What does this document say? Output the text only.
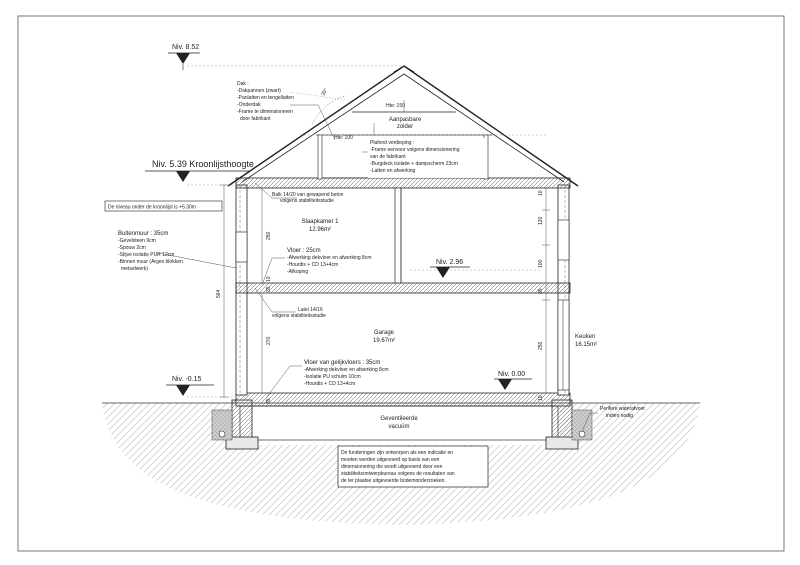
Niv. 8.52
Niv. 5.39 Kroonlijsthoogte
Niv. -0.15
Niv. 0.00
Niv. 2.96
De niveau onder de kroonlijst is +5.30m
Dak :
-Dakpannen (zwart)
-Panlatten en tengellatten
-Onderdak
-Frame te dimensioneren
door fabrikant
Plafond verdieping :
-Frame eenvoor volgens dimensionering
van de fabrikant
-Burgdeck isolatie + dampscherm 23cm
-Latten en afwerking
Buitenmuur : 35cm
-Gevelsteen 9cm
-Spouw 2cm
-Stijve isolatie PUR 12cm
-Binnen muur (Argex blokken
metselwerk)
Vloer : 25cm
-Afwerking dekvloer en afwerking 8cm
-Hourdis + CD 13+4cm
-Afkoping
Vloer van gelijkvloers : 35cm
-Afwerking dekvloer en afwerking 8cm
-Isolatie PU schuim 10cm
-Hourdis + CD 13+4cm
Balk 14/20 van gewapend beton
volgens stabiliteitsstudie
Latei 14/16
volgens stabiliteitsstudie
Perifere waterafvoer
indien nodig
Geventileerde
vacuüm
De funderingen zijn ontworpen als een indicatie en
moeten worden uitgevoerd op basis van een
dimensionering die wordt uitgevoerd door een
stabiliteitsontwerpbureau volgens de resultaten van
de ter plaatse uitgevoerde bodemonderzoeken.
Aanpasbare
zolder
Slaapkamer 1
12.96m²
Garage
19.67m²
Keuken
16.15m²
Hte: 150
Hte: 100
35°
250
270
564
120
100
35
255
10
35
35
10
10
